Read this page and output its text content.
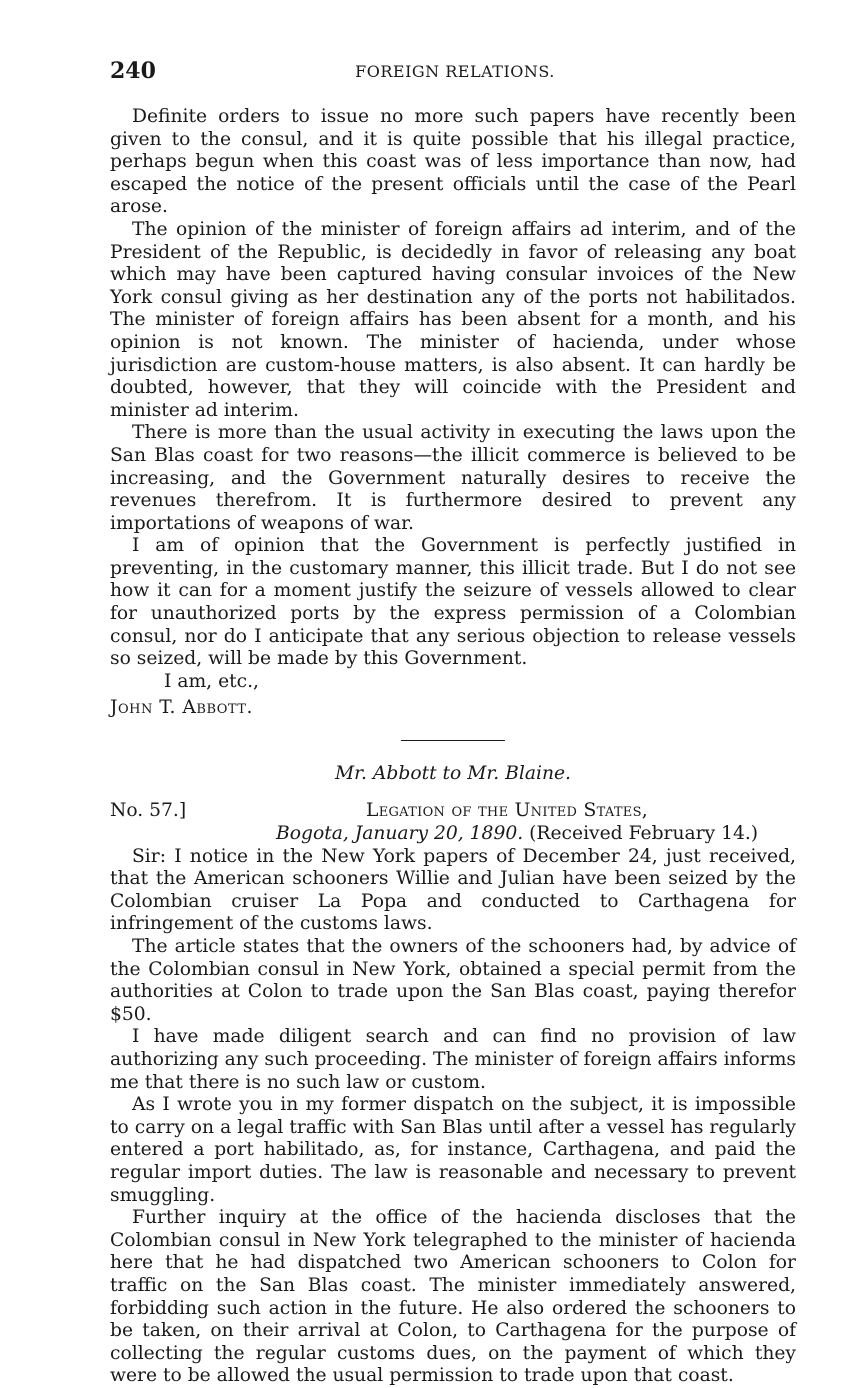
240	FOREIGN RELATIONS.

Definite orders to issue no more such papers have recently been given to the consul, and it is quite possible that his illegal practice, perhaps begun when this coast was of less importance than now, had escaped the notice of the present officials until the case of the Pearl arose.

The opinion of the minister of foreign affairs ad interim, and of the President of the Republic, is decidedly in favor of releasing any boat which may have been captured having consular invoices of the New York consul giving as her destination any of the ports not habilitados. The minister of foreign affairs has been absent for a month, and his opinion is not known. The minister of hacienda, under whose jurisdiction are custom-house matters, is also absent. It can hardly be doubted, however, that they will coincide with the President and minister ad interim.

There is more than the usual activity in executing the laws upon the San Blas coast for two reasons—the illicit commerce is believed to be increasing, and the Government naturally desires to receive the revenues therefrom. It is furthermore desired to prevent any importations of weapons of war.

I am of opinion that the Government is perfectly justified in preventing, in the customary manner, this illicit trade. But I do not see how it can for a moment justify the seizure of vessels allowed to clear for unauthorized ports by the express permission of a Colombian consul, nor do I anticipate that any serious objection to release vessels so seized, will be made by this Government.

I am, etc.,

John T. Abbott.

Mr. Abbott to Mr. Blaine.

No. 57.]	Legation of the United States,
Bogota, January 20, 1890. (Received February 14.)

Sir: I notice in the New York papers of December 24, just received, that the American schooners Willie and Julian have been seized by the Colombian cruiser La Popa and conducted to Carthagena for infringement of the customs laws.

The article states that the owners of the schooners had, by advice of the Colombian consul in New York, obtained a special permit from the authorities at Colon to trade upon the San Blas coast, paying therefor $50.

I have made diligent search and can find no provision of law authorizing any such proceeding. The minister of foreign affairs informs me that there is no such law or custom.

As I wrote you in my former dispatch on the subject, it is impossible to carry on a legal traffic with San Blas until after a vessel has regularly entered a port habilitado, as, for instance, Carthagena, and paid the regular import duties. The law is reasonable and necessary to prevent smuggling.

Further inquiry at the office of the hacienda discloses that the Colombian consul in New York telegraphed to the minister of hacienda here that he had dispatched two American schooners to Colon for traffic on the San Blas coast. The minister immediately answered, forbidding such action in the future. He also ordered the schooners to be taken, on their arrival at Colon, to Carthagena for the purpose of collecting the regular customs dues, on the payment of which they were to be allowed the usual permission to trade upon that coast.
